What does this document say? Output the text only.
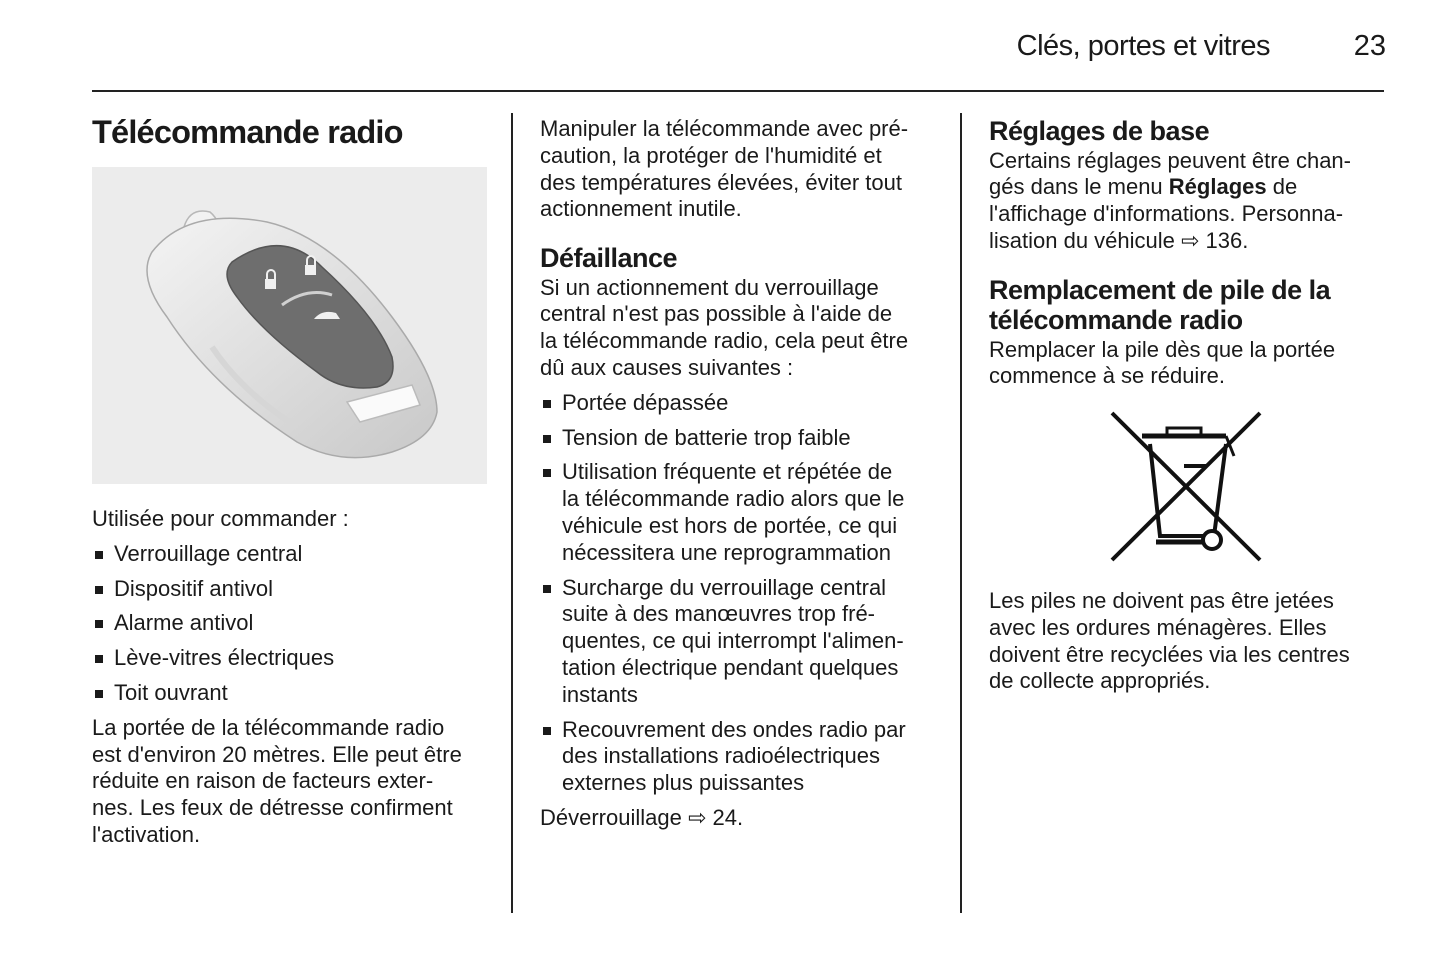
Clés, portes et vitres	23
Télécommande radio

Utilisée pour commander :

Verrouillage central
Dispositif antivol
Alarme antivol
Lève-vitres électriques
Toit ouvrant

La portée de la télécommande radio
est d'environ 20 mètres. Elle peut être
réduite en raison de facteurs exter-
nes. Les feux de détresse confirment
l'activation.

Manipuler la télécommande avec pré-
caution, la protéger de l'humidité et
des températures élevées, éviter tout
actionnement inutile.

Défaillance

Si un actionnement du verrouillage
central n'est pas possible à l'aide de
la télécommande radio, cela peut être
dû aux causes suivantes :

Portée dépassée
Tension de batterie trop faible
Utilisation fréquente et répétée de
la télécommande radio alors que le
véhicule est hors de portée, ce qui
nécessitera une reprogrammation
Surcharge du verrouillage central
suite à des manœuvres trop fré-
quentes, ce qui interrompt l'alimen-
tation électrique pendant quelques
instants
Recouvrement des ondes radio par
des installations radioélectriques
externes plus puissantes

Déverrouillage ⇨ 24.

Réglages de base

Certains réglages peuvent être chan-
gés dans le menu Réglages de
l'affichage d'informations. Personna-
lisation du véhicule ⇨ 136.

Remplacement de pile de la
télécommande radio

Remplacer la pile dès que la portée
commence à se réduire.

Les piles ne doivent pas être jetées
avec les ordures ménagères. Elles
doivent être recyclées via les centres
de collecte appropriés.
